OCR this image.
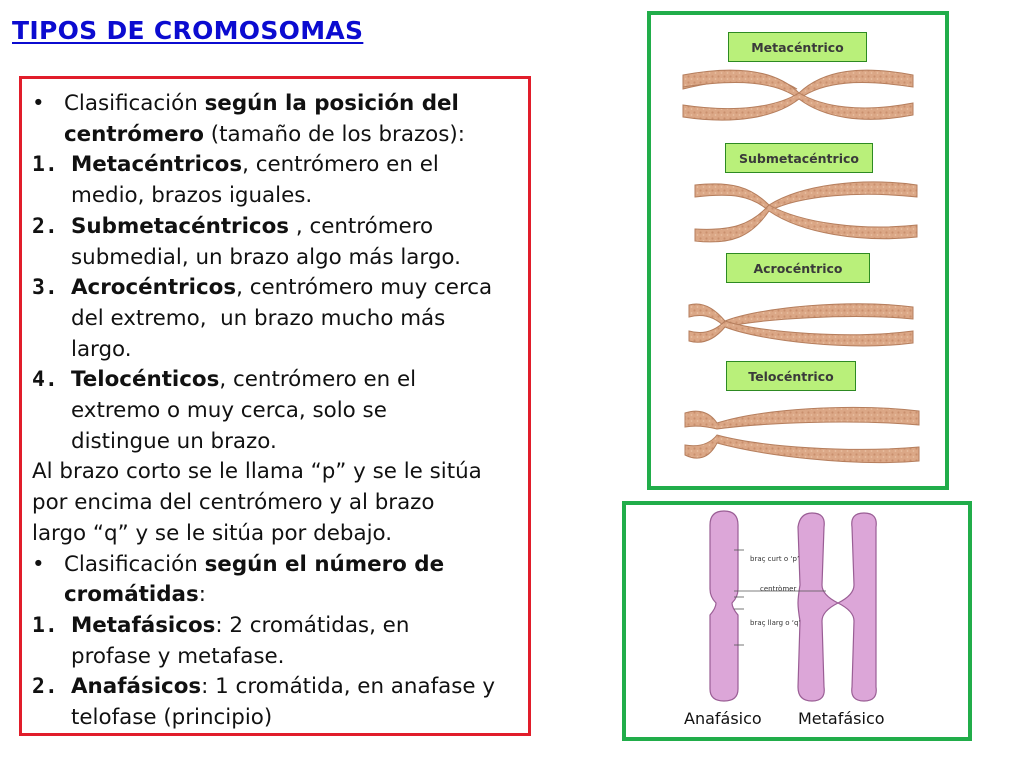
TIPOS DE CROMOSOMAS
• Clasificación según la posición del
centrómero (tamaño de los brazos):
1. Metacéntricos, centrómero en el
medio, brazos iguales.
2. Submetacéntricos , centrómero
submedial, un brazo algo más largo.
3. Acrocéntricos, centrómero muy cerca
del extremo,  un brazo mucho más
largo.
4. Telocénticos, centrómero en el
extremo o muy cerca, solo se
distingue un brazo.
Al brazo corto se le llama “p” y se le sitúa
por encima del centrómero y al brazo
largo “q” y se le sitúa por debajo.
• Clasificación según el número de
cromátidas:
1. Metafásicos: 2 cromátidas, en
profase y metafase.
2. Anafásicos: 1 cromátida, en anafase y
telofase (principio)
Metacéntrico
Submetacéntrico
Acrocéntrico
Telocéntrico
braç curt o ‘p’
centròmer
braç llarg o ‘q’
Anafásico Metafásico
